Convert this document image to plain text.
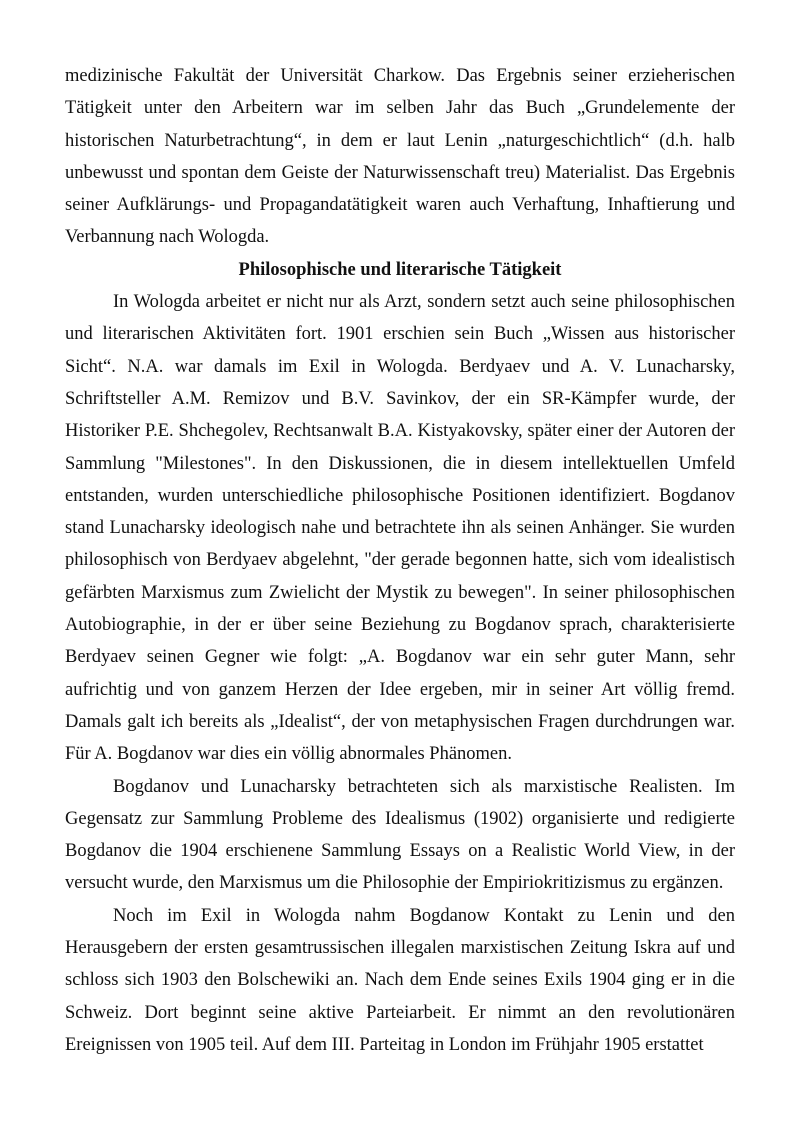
medizinische Fakultät der Universität Charkow. Das Ergebnis seiner erzieherischen Tätigkeit unter den Arbeitern war im selben Jahr das Buch „Grundelemente der historischen Naturbetrachtung“, in dem er laut Lenin „naturgeschichtlich“ (d.h. halb unbewusst und spontan dem Geiste der Naturwissenschaft treu) Materialist. Das Ergebnis seiner Aufklärungs- und Propagandatätigkeit waren auch Verhaftung, Inhaftierung und Verbannung nach Wologda.

Philosophische und literarische Tätigkeit

In Wologda arbeitet er nicht nur als Arzt, sondern setzt auch seine philosophischen und literarischen Aktivitäten fort. 1901 erschien sein Buch „Wissen aus historischer Sicht“. N.A. war damals im Exil in Wologda. Berdyaev und A. V. Lunacharsky, Schriftsteller A.M. Remizov und B.V. Savinkov, der ein SR-Kämpfer wurde, der Historiker P.E. Shchegolev, Rechtsanwalt B.A. Kistyakovsky, später einer der Autoren der Sammlung "Milestones". In den Diskussionen, die in diesem intellektuellen Umfeld entstanden, wurden unterschiedliche philosophische Positionen identifiziert. Bogdanov stand Lunacharsky ideologisch nahe und betrachtete ihn als seinen Anhänger. Sie wurden philosophisch von Berdyaev abgelehnt, "der gerade begonnen hatte, sich vom idealistisch gefärbten Marxismus zum Zwielicht der Mystik zu bewegen". In seiner philosophischen Autobiographie, in der er über seine Beziehung zu Bogdanov sprach, charakterisierte Berdyaev seinen Gegner wie folgt: „A. Bogdanov war ein sehr guter Mann, sehr aufrichtig und von ganzem Herzen der Idee ergeben, mir in seiner Art völlig fremd. Damals galt ich bereits als „Idealist“, der von metaphysischen Fragen durchdrungen war. Für A. Bogdanov war dies ein völlig abnormales Phänomen.

Bogdanov und Lunacharsky betrachteten sich als marxistische Realisten. Im Gegensatz zur Sammlung Probleme des Idealismus (1902) organisierte und redigierte Bogdanov die 1904 erschienene Sammlung Essays on a Realistic World View, in der versucht wurde, den Marxismus um die Philosophie der Empiriokritizismus zu ergänzen.

Noch im Exil in Wologda nahm Bogdanow Kontakt zu Lenin und den Herausgebern der ersten gesamtrussischen illegalen marxistischen Zeitung Iskra auf und schloss sich 1903 den Bolschewiki an. Nach dem Ende seines Exils 1904 ging er in die Schweiz. Dort beginnt seine aktive Parteiarbeit. Er nimmt an den revolutionären Ereignissen von 1905 teil. Auf dem III. Parteitag in London im Frühjahr 1905 erstattet
